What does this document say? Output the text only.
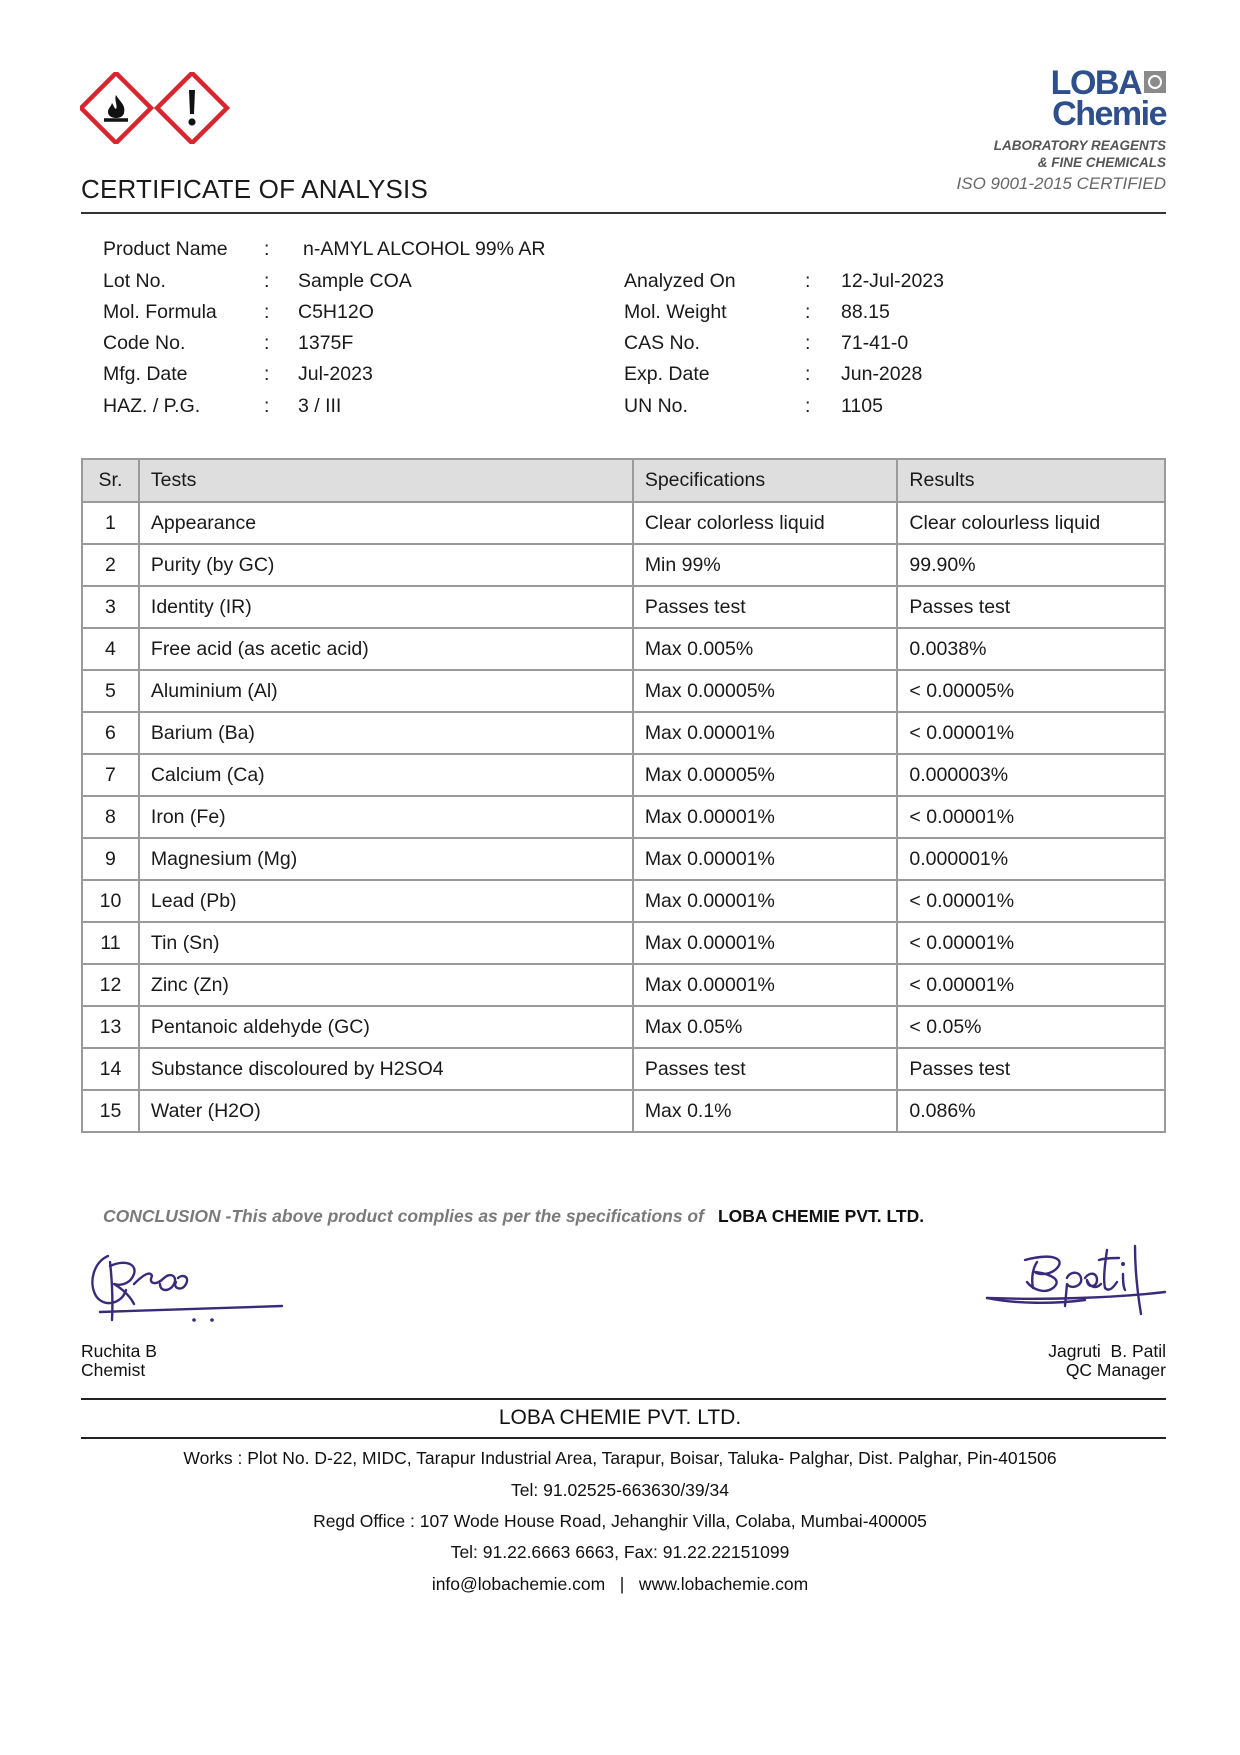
LOBA
Chemie
LABORATORY REAGENTS
& FINE CHEMICALS
ISO 9001-2015 CERTIFIED
CERTIFICATE OF ANALYSIS
Product Name : n-AMYL ALCOHOL 99% AR
Lot No.	: Sample COA	Analyzed On	: 12-Jul-2023
Mol. Formula : C5H12O	Mol. Weight	: 88.15
Code No.	: 1375F	CAS No.	: 71-41-0
Mfg. Date	: Jul-2023	Exp. Date	: Jun-2028
HAZ. / P.G.	: 3 / III	UN No.	: 1105
Sr.	Tests	Specifications	Results
1	Appearance	Clear colorless liquid	Clear colourless liquid
2	Purity (by GC)	Min 99%	99.90%
3	Identity (IR)	Passes test	Passes test
4	Free acid (as acetic acid)	Max 0.005%	0.0038%
5	Aluminium (Al)	Max 0.00005%	< 0.00005%
6	Barium (Ba)	Max 0.00001%	< 0.00001%
7	Calcium (Ca)	Max 0.00005%	0.000003%
8	Iron (Fe)	Max 0.00001%	< 0.00001%
9	Magnesium (Mg)	Max 0.00001%	0.000001%
10	Lead (Pb)	Max 0.00001%	< 0.00001%
11	Tin (Sn)	Max 0.00001%	< 0.00001%
12	Zinc (Zn)	Max 0.00001%	< 0.00001%
13	Pentanoic aldehyde (GC)	Max 0.05%	< 0.05%
14	Substance discoloured by H2SO4	Passes test	Passes test
15	Water (H2O)	Max 0.1%	0.086%
CONCLUSION -This above product complies as per the specifications of LOBA CHEMIE PVT. LTD.
Ruchita B
Chemist
Jagruti  B. Patil
QC Manager
LOBA CHEMIE PVT. LTD.
Works : Plot No. D-22, MIDC, Tarapur Industrial Area, Tarapur, Boisar, Taluka- Palghar, Dist. Palghar, Pin-401506
Tel: 91.02525-663630/39/34
Regd Office : 107 Wode House Road, Jehanghir Villa, Colaba, Mumbai-400005
Tel: 91.22.6663 6663, Fax: 91.22.22151099
info@lobachemie.com   |   www.lobachemie.com
